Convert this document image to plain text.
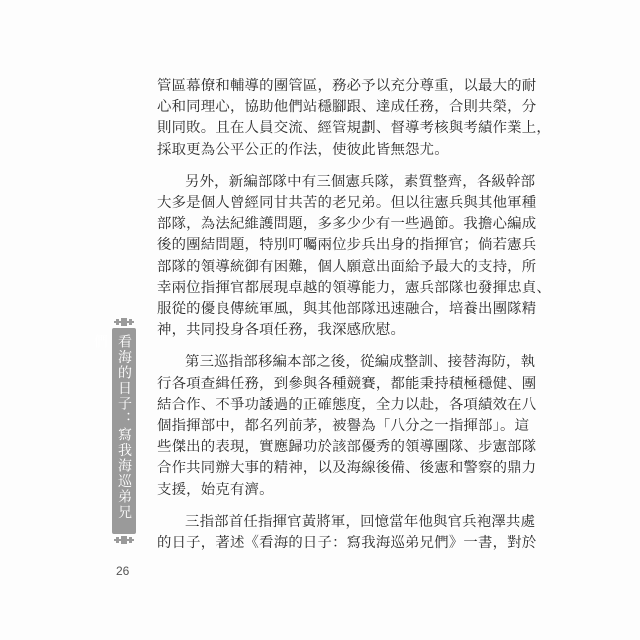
管區幕僚和輔導的團管區，務必予以充分尊重，以最大的耐
心和同理心，協助他們站穩腳跟、達成任務，合則共榮，分
則同敗。且在人員交流、經管規劃、督導考核與考績作業上，
採取更為公平公正的作法，使彼此皆無怨尤。

另外，新編部隊中有三個憲兵隊，素質整齊，各級幹部
大多是個人曾經同甘共苦的老兄弟。但以往憲兵與其他軍種
部隊，為法紀維護問題，多多少少有一些過節。我擔心編成
後的團結問題，特別叮囑兩位步兵出身的指揮官；倘若憲兵
部隊的領導統御有困難，個人願意出面給予最大的支持，所
幸兩位指揮官都展現卓越的領導能力，憲兵部隊也發揮忠貞、
服從的優良傳統軍風，與其他部隊迅速融合，培養出團隊精
神，共同投身各項任務，我深感欣慰。

第三巡指部移編本部之後，從編成整訓、接替海防，執
行各項查緝任務，到參與各種競賽，都能秉持積極穩健、團
結合作、不爭功諉過的正確態度，全力以赴，各項績效在八
個指揮部中，都名列前茅，被譽為「八分之一指揮部」。這
些傑出的表現，實應歸功於該部優秀的領導團隊、步憲部隊
合作共同辦大事的精神，以及海線後備、後憲和警察的鼎力
支援，始克有濟。

三指部首任指揮官黃將軍，回憶當年他與官兵袍澤共處
的日子，著述《看海的日子：寫我海巡弟兄們》一書，對於

看海的日子：寫我海巡弟兄們
26
